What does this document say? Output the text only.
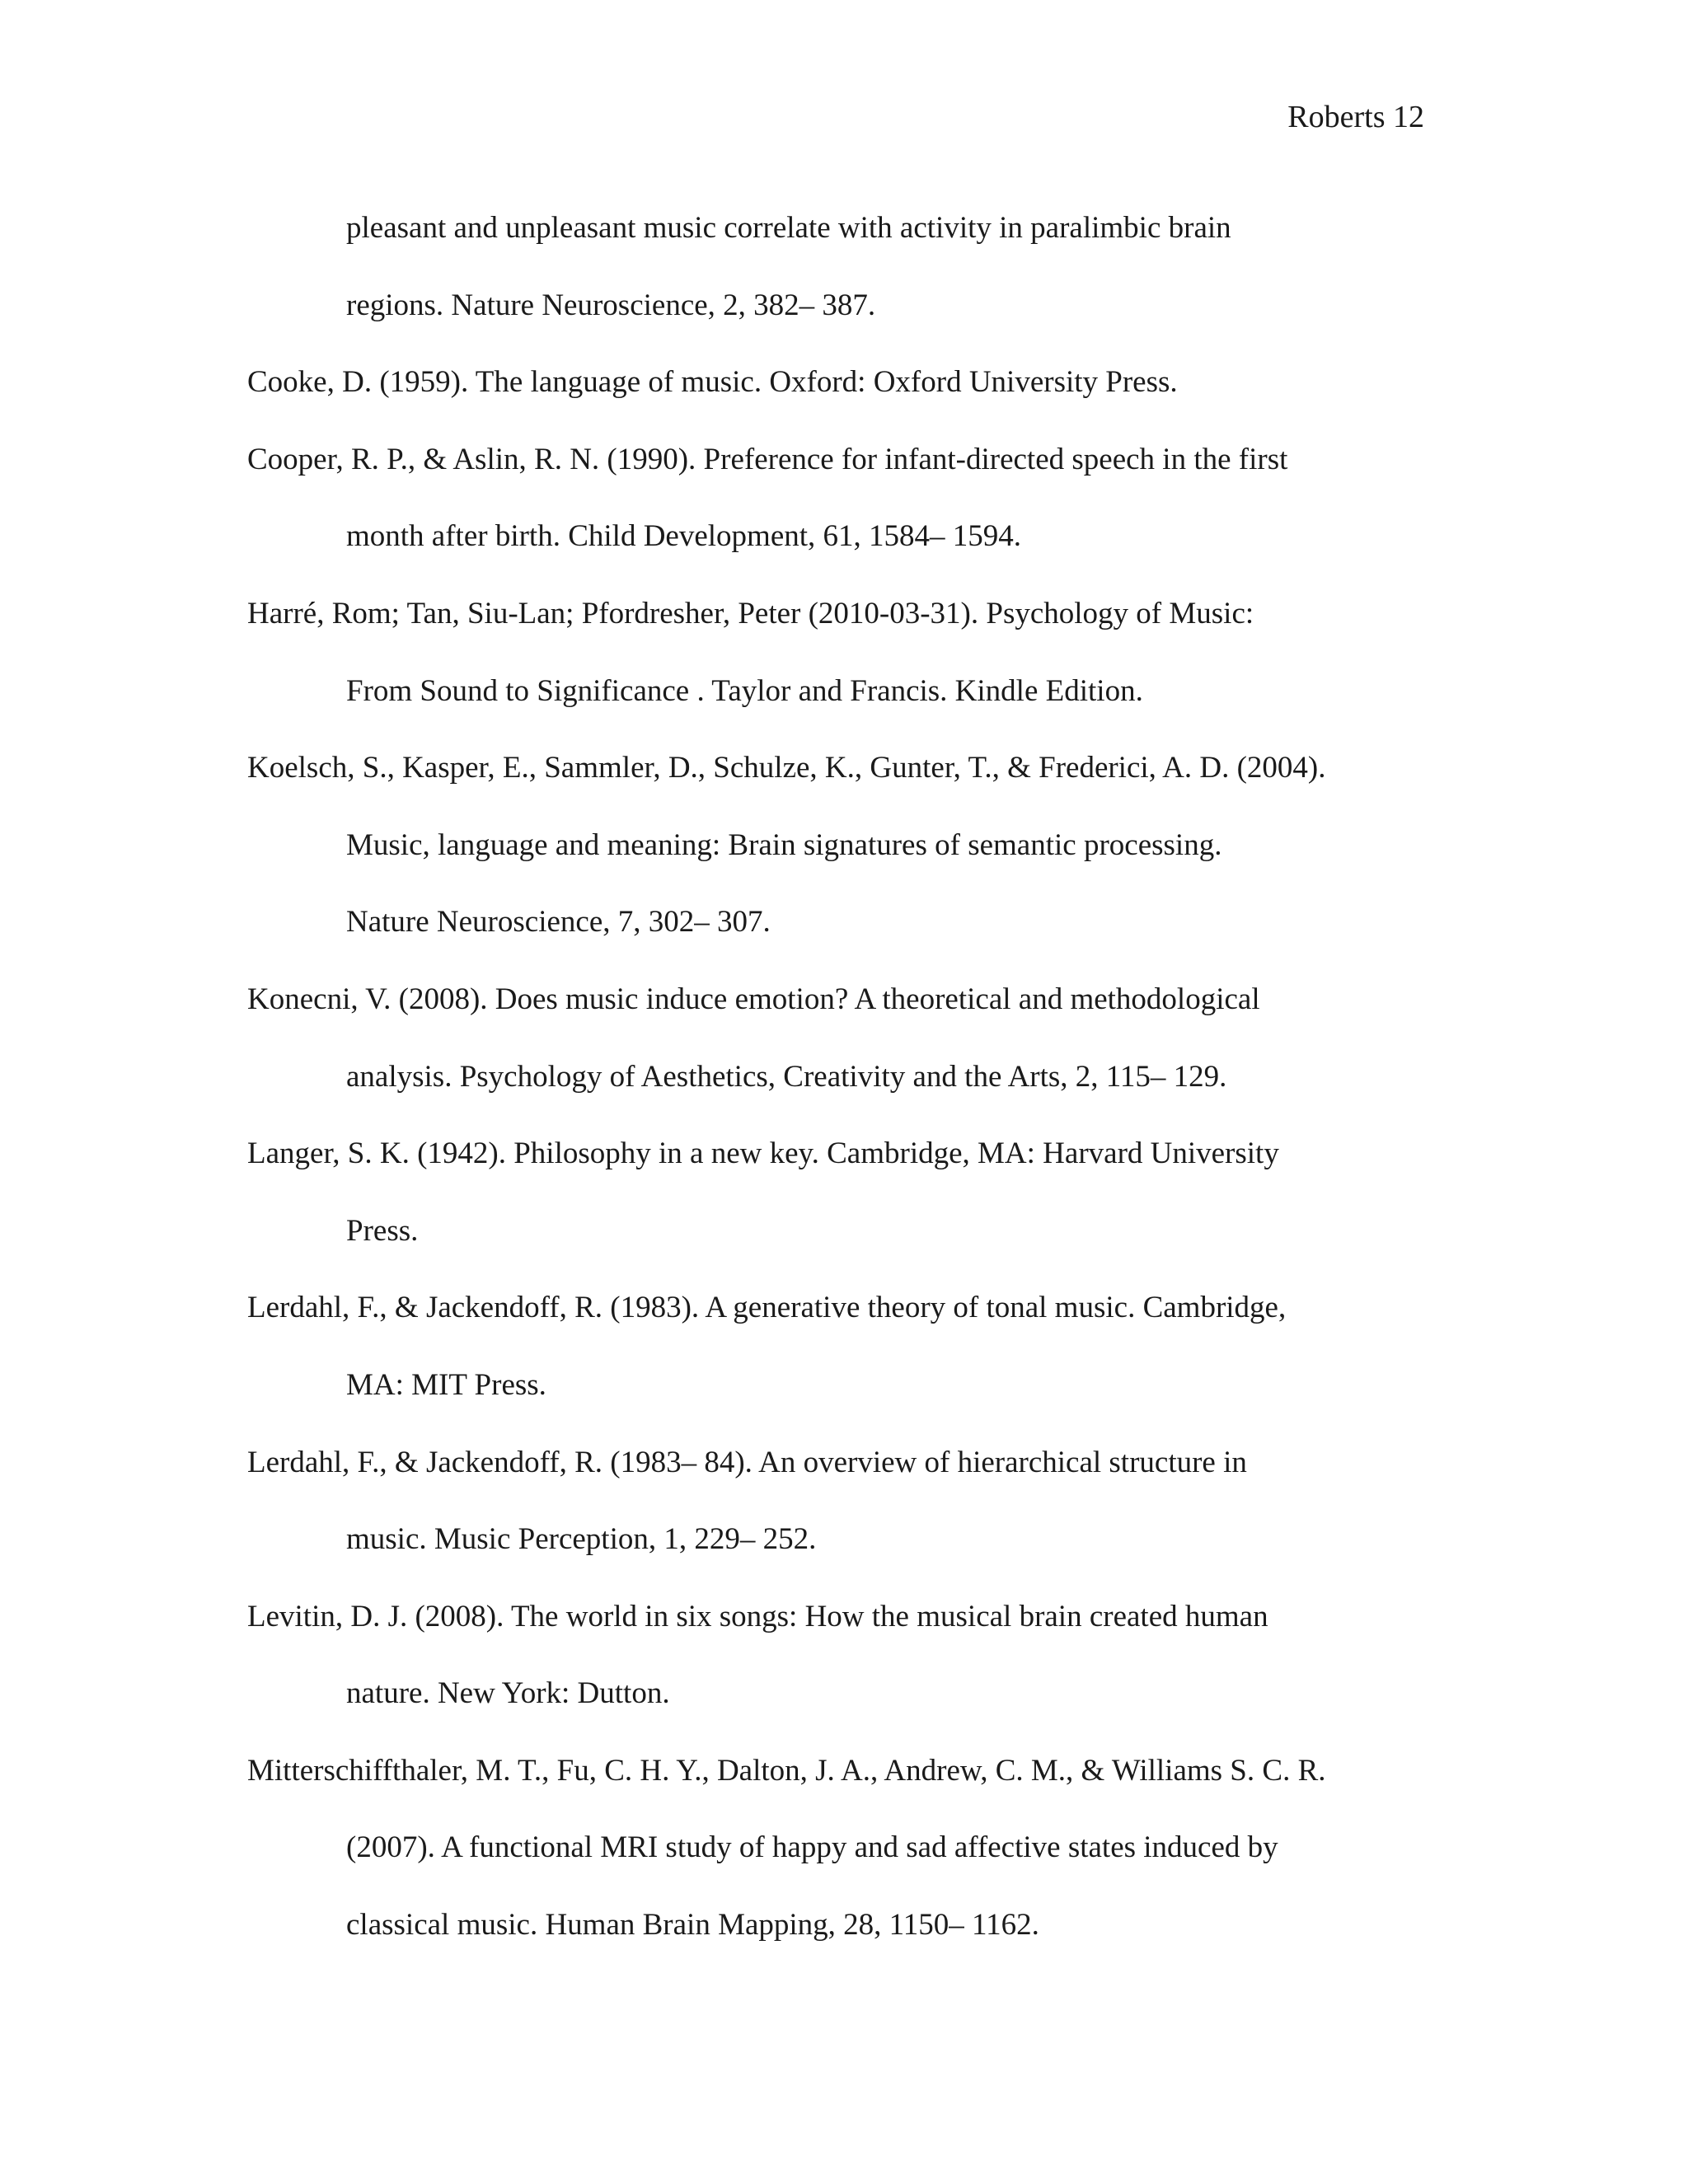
Roberts 12
pleasant and unpleasant music correlate with activity in paralimbic brain
regions. Nature Neuroscience, 2, 382– 387.
Cooke, D. (1959). The language of music. Oxford: Oxford University Press.
Cooper, R. P., & Aslin, R. N. (1990). Preference for infant-directed speech in the first
month after birth. Child Development, 61, 1584– 1594.
Harré, Rom; Tan, Siu-Lan; Pfordresher, Peter (2010-03-31). Psychology of Music:
From Sound to Significance . Taylor and Francis. Kindle Edition.
Koelsch, S., Kasper, E., Sammler, D., Schulze, K., Gunter, T., & Frederici, A. D. (2004).
Music, language and meaning: Brain signatures of semantic processing.
Nature Neuroscience, 7, 302– 307.
Konecni, V. (2008). Does music induce emotion? A theoretical and methodological
analysis. Psychology of Aesthetics, Creativity and the Arts, 2, 115– 129.
Langer, S. K. (1942). Philosophy in a new key. Cambridge, MA: Harvard University
Press.
Lerdahl, F., & Jackendoff, R. (1983). A generative theory of tonal music. Cambridge,
MA: MIT Press.
Lerdahl, F., & Jackendoff, R. (1983– 84). An overview of hierarchical structure in
music. Music Perception, 1, 229– 252.
Levitin, D. J. (2008). The world in six songs: How the musical brain created human
nature. New York: Dutton.
Mitterschiffthaler, M. T., Fu, C. H. Y., Dalton, J. A., Andrew, C. M., & Williams S. C. R.
(2007). A functional MRI study of happy and sad affective states induced by
classical music. Human Brain Mapping, 28, 1150– 1162.
